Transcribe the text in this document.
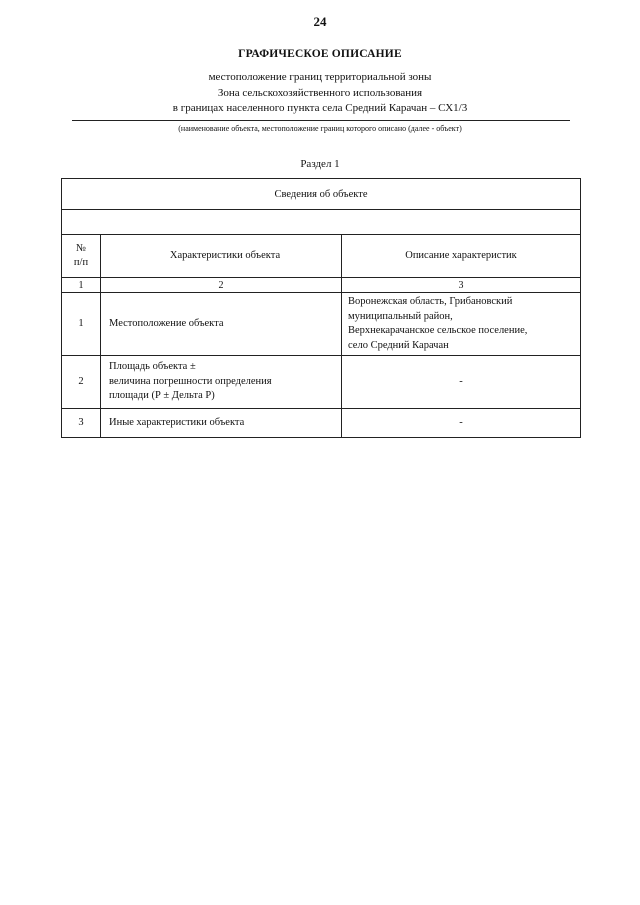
24
ГРАФИЧЕСКОЕ ОПИСАНИЕ
местоположение границ территориальной зоны
Зона сельскохозяйственного использования
в границах населенного пункта села Средний Карачан – СХ1/3
(наименование объекта, местоположение границ которого описано (далее - объект)
Раздел 1
Сведения об объекте		

№
п/п	Характеристики объекта	Описание характеристик
1	2	3
1	Местоположение объекта	Воронежская область, Грибановский
муниципальный район,
Верхнекарачанское сельское поселение,
село Средний Карачан

2	Площадь объекта ±
величина погрешности определения
площади (Р ± Дельта Р)	-
3	Иные характеристики объекта	-
